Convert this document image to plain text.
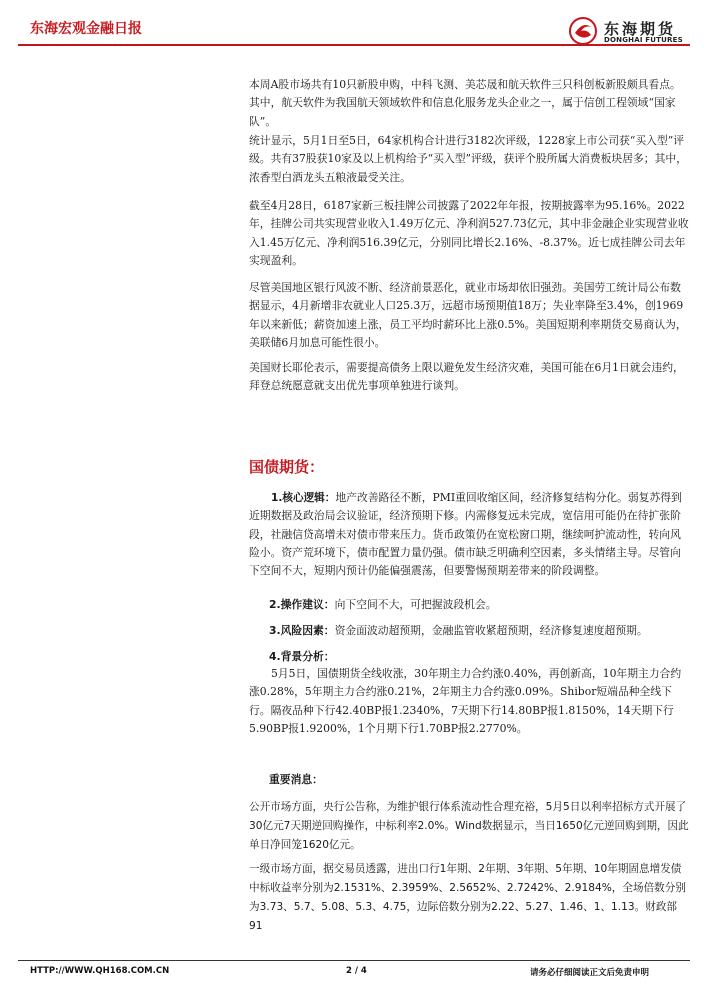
东海宏观金融日报	东海期货
DONGHAI FUTURES

本周A股市场共有10只新股申购，中科飞测、美芯晟和航天软件三只科创板新股颇具看点。其中，航天软件为我国航天领域软件和信息化服务龙头企业之一，属于信创工程领域“国家队”。

统计显示，5月1日至5日，64家机构合计进行3182次评级，1228家上市公司获“买入型”评级。共有37股获10家及以上机构给予“买入型”评级，获评个股所属大消费板块居多；其中，浓香型白酒龙头五粮液最受关注。

截至4月28日，6187家新三板挂牌公司披露了2022年年报，按期披露率为95.16%。2022年，挂牌公司共实现营业收入1.49万亿元、净利润527.73亿元，其中非金融企业实现营业收入1.45万亿元、净利润516.39亿元，分别同比增长2.16%、-8.37%。近七成挂牌公司去年实现盈利。

尽管美国地区银行风波不断、经济前景恶化，就业市场却依旧强劲。美国劳工统计局公布数据显示，4月新增非农就业人口25.3万，远超市场预期值18万；失业率降至3.4%，创1969年以来新低；薪资加速上涨，员工平均时薪环比上涨0.5%。美国短期利率期货交易商认为，美联储6月加息可能性很小。

美国财长耶伦表示，需要提高债务上限以避免发生经济灾难，美国可能在6月1日就会违约，拜登总统愿意就支出优先事项单独进行谈判。

国债期货：

1.核心逻辑：地产改善路径不断，PMI重回收缩区间，经济修复结构分化。弱复苏得到近期数据及政治局会议验证，经济预期下修。内需修复远未完成，宽信用可能仍在待扩张阶段，社融信贷高增未对债市带来压力。货币政策仍在宽松窗口期，继续呵护流动性，转向风险小。资产荒环境下，债市配置力量仍强。债市缺乏明确利空因素，多头情绪主导。尽管向下空间不大，短期内预计仍能偏强震荡，但要警惕预期差带来的阶段调整。

2.操作建议：向下空间不大，可把握波段机会。

3.风险因素：资金面波动超预期，金融监管收紧超预期，经济修复速度超预期。

4.背景分析：

5月5日，国债期货全线收涨，30年期主力合约涨0.40%，再创新高，10年期主力合约涨0.28%，5年期主力合约涨0.21%，2年期主力合约涨0.09%。Shibor短端品种全线下行。隔夜品种下行42.40BP报1.2340%，7天期下行14.80BP报1.8150%，14天期下行5.90BP报1.9200%，1个月期下行1.70BP报2.2770%。

重要消息：

公开市场方面，央行公告称，为维护银行体系流动性合理充裕，5月5日以利率招标方式开展了30亿元7天期逆回购操作，中标利率2.0%。Wind数据显示，当日1650亿元逆回购到期，因此单日净回笼1620亿元。

一级市场方面，据交易员透露，进出口行1年期、2年期、3年期、5年期、10年期固息增发债中标收益率分别为2.1531%、2.3959%、2.5652%、2.7242%、2.9184%，全场倍数分别为3.73、5.7、5.08、5.3、4.75，边际倍数分别为2.22、5.27、1.46、1、1.13。财政部91

HTTP://WWW.QH168.COM.CN	2 / 4	请务必仔细阅读正文后免责申明
